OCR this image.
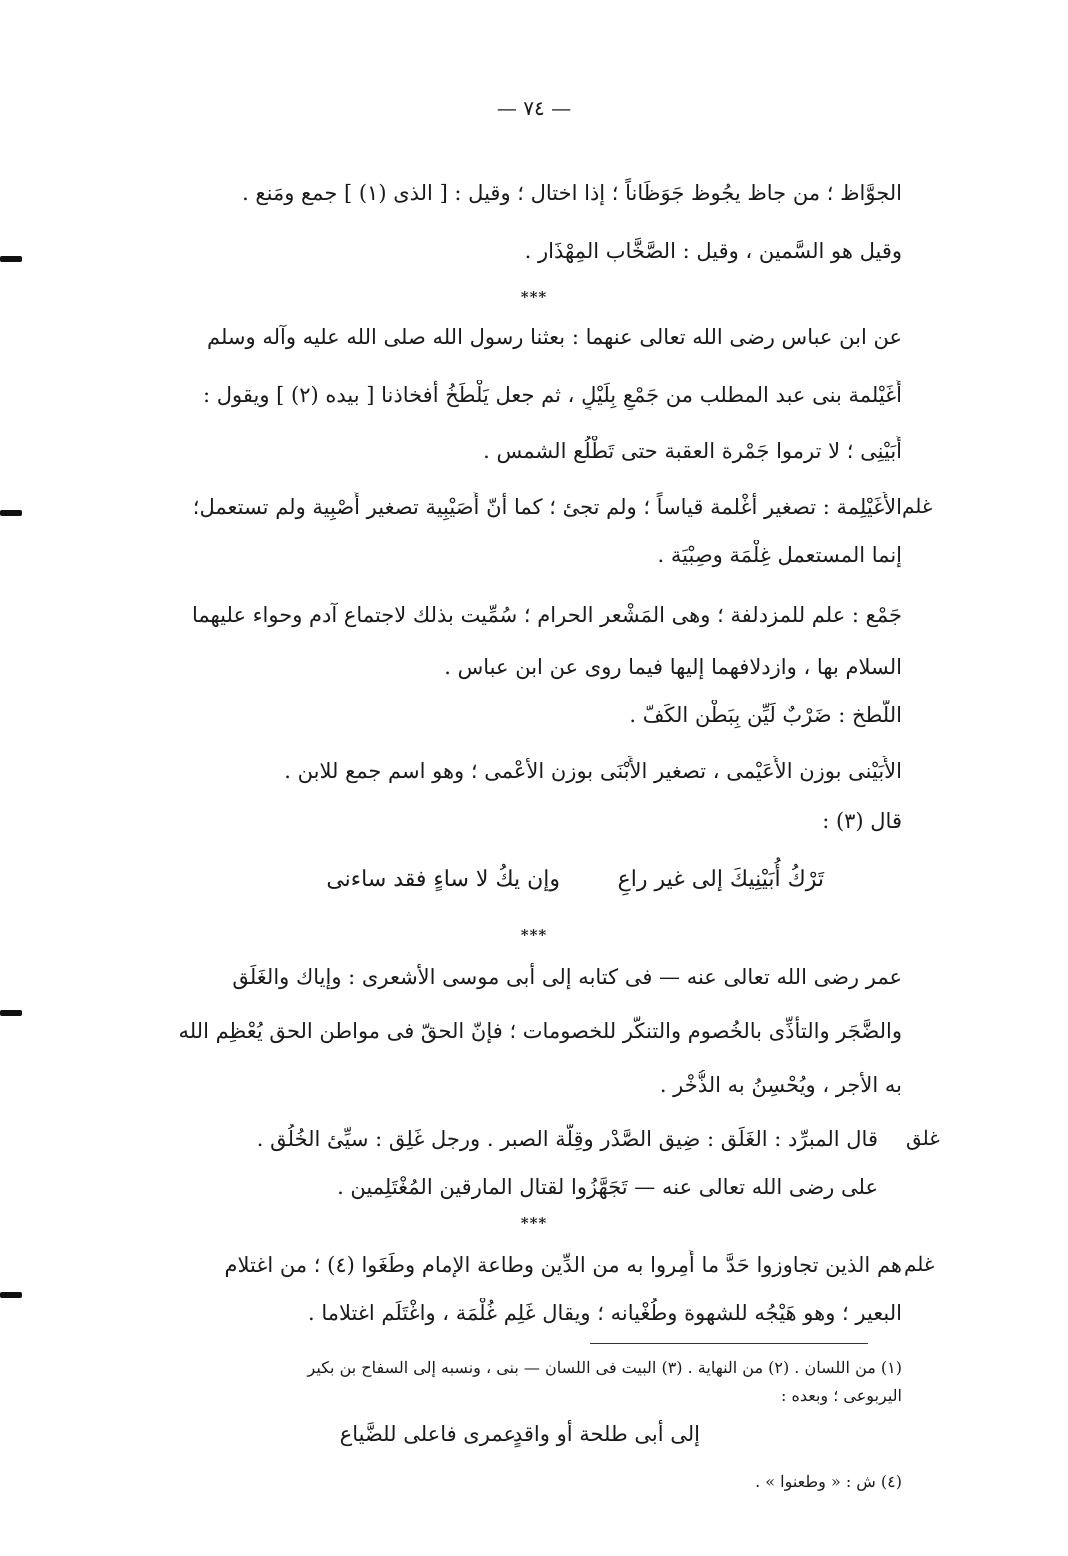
— ٧٤ —
الجوَّاظ ؛ من جاظ يجُوظ جَوَظَاناً ؛ إذا اختال ؛ وقيل : [ الذى (١) ] جمع ومَنع .
وقيل هو السَّمين ، وقيل : الصَّخَّاب المِهْذَار .
***
عن ابن عباس رضى الله تعالى عنهما : بعثنا رسول الله صلى الله عليه وآله وسلم
أُغَيْلمة بنى عبد المطلب من جَمْعٍ بِلَيْلٍ ، ثم جعل يَلْطَخُ أفخاذنا [ بيده (٢) ] ويقول :
أُبَيْنِى ؛ لا ترموا جَمْرة العقبة حتى تَطْلُع الشمس .
غلم
الأُغَيْلِمة : تصغير أغْلمة قياساً ؛ ولم تجئ ؛ كما أنّ أُصَيْبِية تصغير أَصْبِية ولم تستعمل؛
إنما المستعمل غِلْمَة وصِبْيَة .
جَمْع : علم للمزدلفة ؛ وهى المَشْعر الحرام ؛ سُمِّيت بذلك لاجتماع آدم وحواء عليهما
السلام بها ، وازدلافهما إليها فيما روى عن ابن عباس .
اللَّطخ : ضَرْبٌ لَيِّن بِبَطْن الكَفّ .
الأُبَيْنى بوزن الأُعَيْمى ، تصغير الأَبْنَى بوزن الأعْمى ؛ وهو اسم جمع للابن .
قال (٣) :
وإن يكُ لا ساءٍ فقد ساءنى	تَرْكُ أُبَيْنِيكَ إلى غير راعِ
***
عمر رضى الله تعالى عنه — فى كتابه إلى أبى موسى الأشعرى : وإياك والغَلَق
والضَّجَر والتأذِّى بالخُصوم والتنكُّر للخصومات ؛ فإنّ الحقّ فى مواطن الحق يُعْظِم الله
به الأجر ، ويُحْسِنُ به الذُّخْر .
غلق
قال المبرِّد : الغَلَق : ضِيق الصَّدْر وقِلَّة الصبر . ورجل غَلِق : سيِّئ الخُلُق .
على رضى الله تعالى عنه — تَجَهَّزُوا لقتال المارقين المُغْتَلِمين .
***
غلم
هم الذين تجاوزوا حَدَّ ما أُمِروا به من الدِّين وطاعة الإمام وطَغَوا (٤) ؛ من اغتلام
البعير ؛ وهو هَيْجُه للشهوة وطُغْيانه ؛ ويقال غَلِم غُلْمَة ، واغْتَلَم اغتلاما .
(١) من اللسان . (٢) من النهاية . (٣) البيت فى اللسان — بنى ، ونسبه إلى السفاح بن بكير
اليربوعى ؛ وبعده :
إلى أبى طلحة أو واقدٍ
عمرى فاعلى للضَّياع
(٤) ش : « وطعنوا » .
